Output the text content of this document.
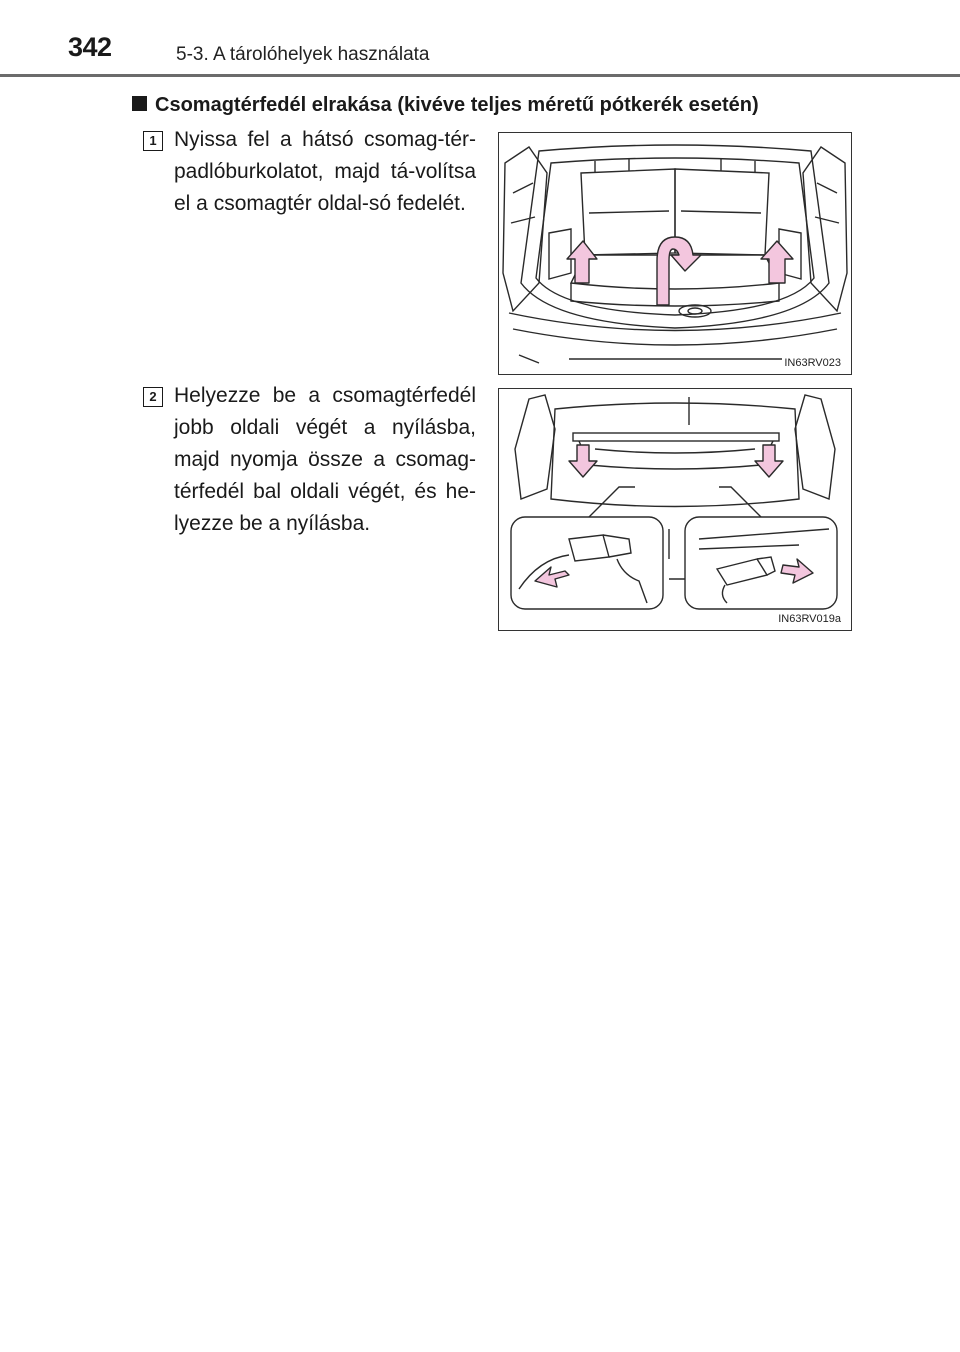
342	5-3. A tárolóhelyek használata
Csomagtérfedél elrakása (kivéve teljes méretű pótkerék esetén)
1 Nyissa fel a hátsó csomag-tér-padlóburkolatot, majd tá-volítsa el a csomagtér oldal-só fedelét.
IN63RV023
2 Helyezze be a csomagtérfedél jobb oldali végét a nyílásba, majd nyomja össze a csomag-térfedél bal oldali végét, és he-lyezze be a nyílásba.
IN63RV019a
